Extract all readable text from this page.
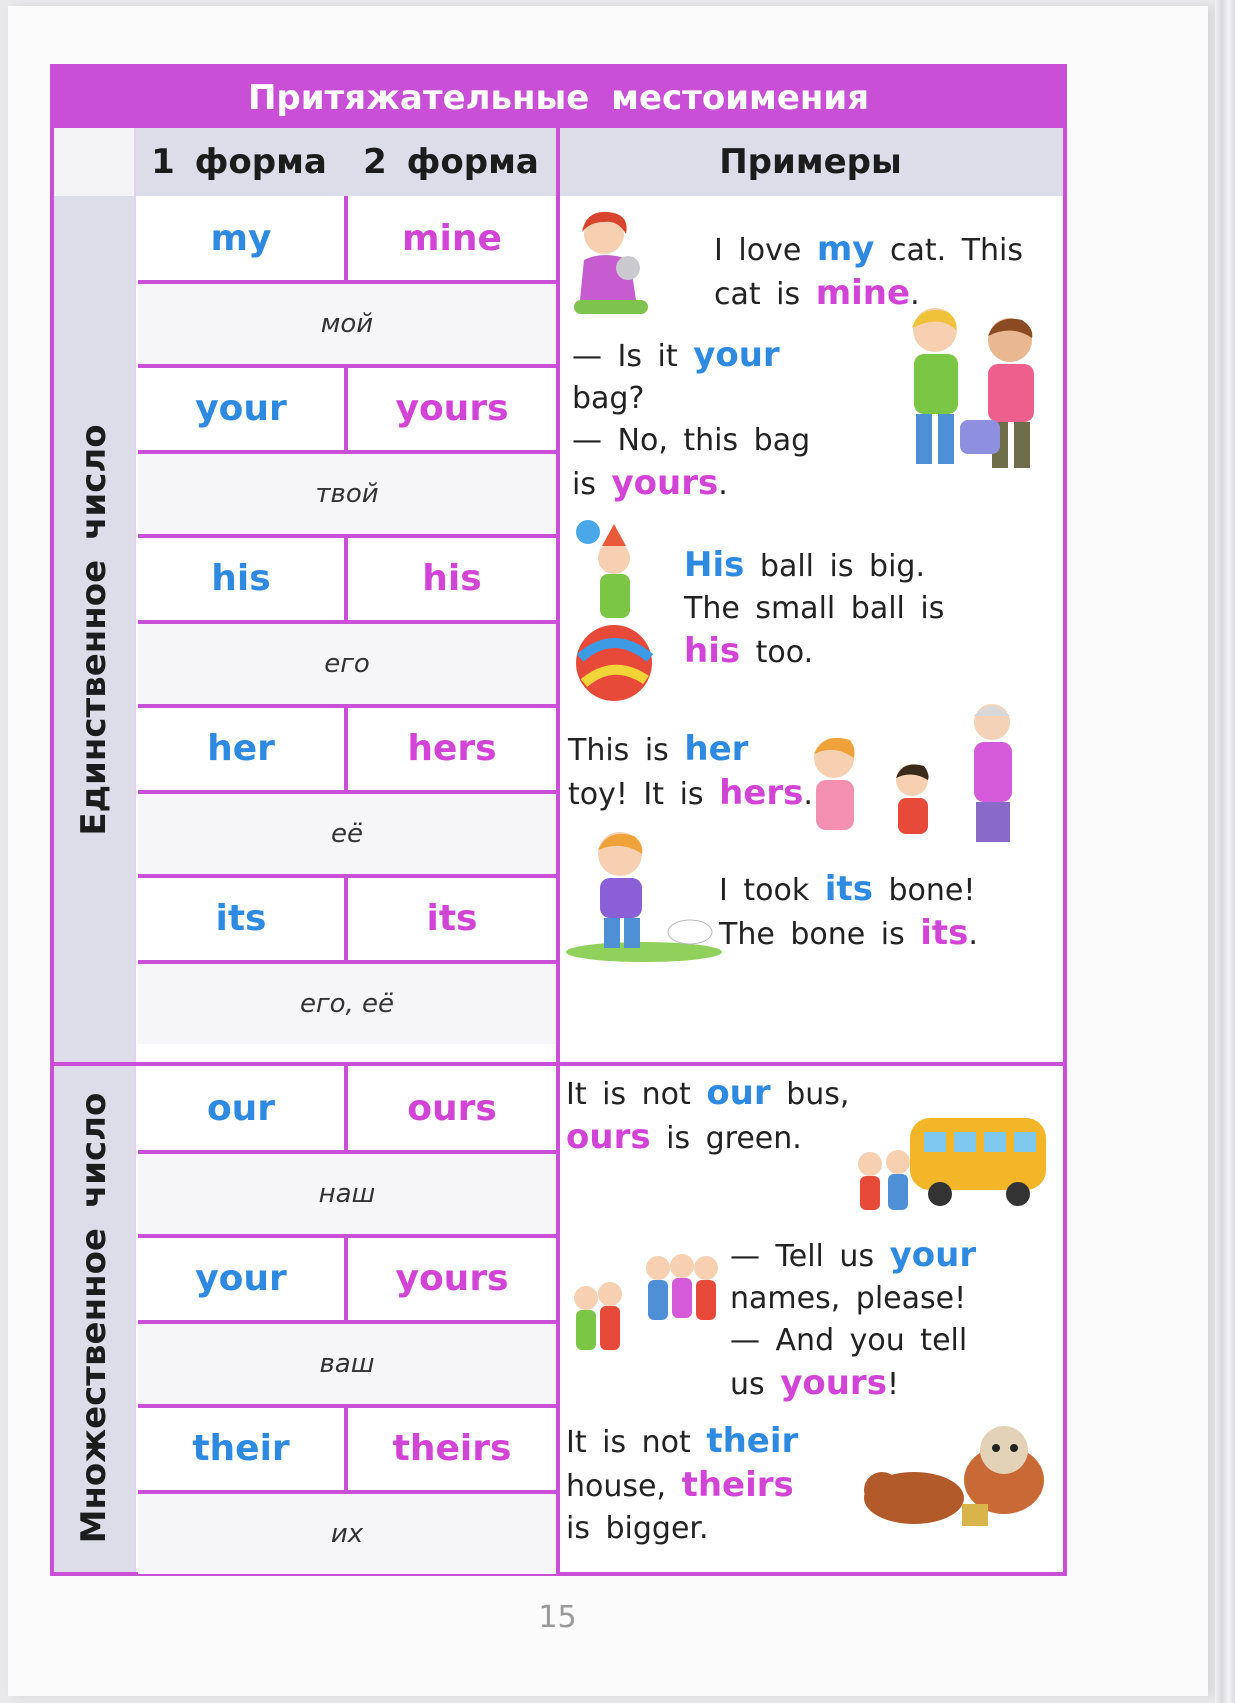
Притяжательные местоимения
1 форма	2 форма	Примеры
Единственное число
Множественное число
my	mine
мой
your	yours
твой
his	his
его
her	hers
её
its	its
его, её
our	ours
наш
your	yours
ваш
their	theirs
их
I love my cat. This
cat is mine.
— Is it your
bag?
— No, this bag
is yours.
His ball is big.
The small ball is
his too.
This is her
toy! It is hers.
I took its bone!
The bone is its.
It is not our bus,
ours is green.
— Tell us your
names, please!
— And you tell
us yours!
It is not their
house, theirs
is bigger.
15
